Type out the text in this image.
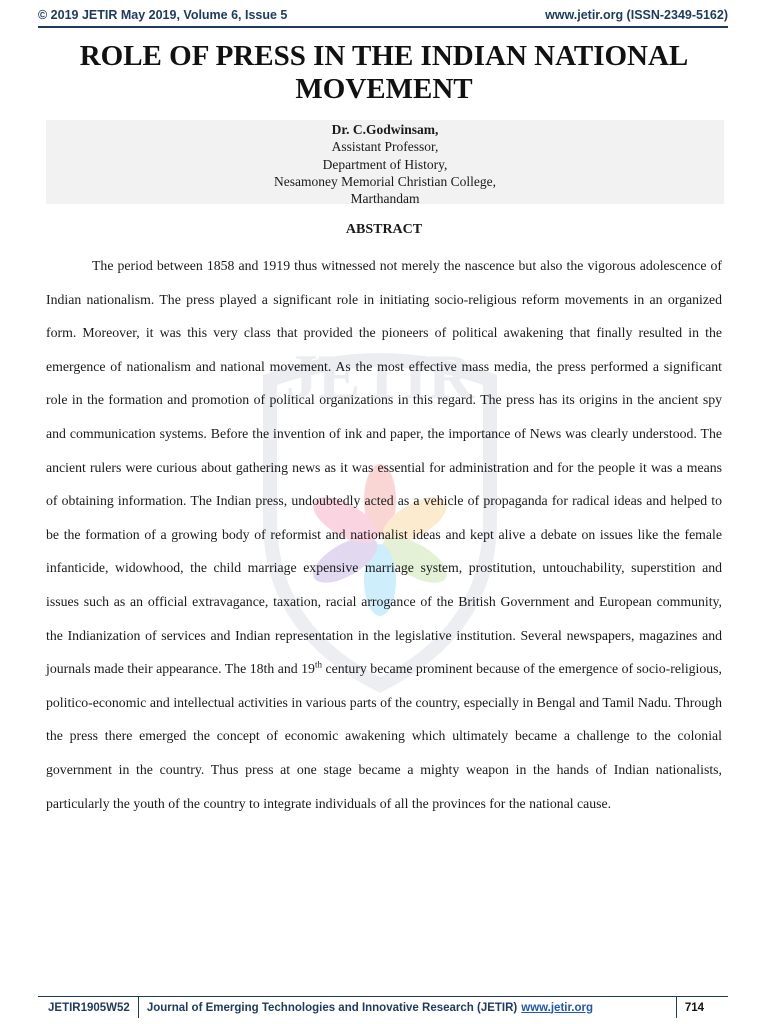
© 2019 JETIR May 2019, Volume 6, Issue 5	www.jetir.org (ISSN-2349-5162)
ROLE OF PRESS IN THE INDIAN NATIONAL
MOVEMENT
Dr. C.Godwinsam,
Assistant Professor,
Department of History,
Nesamoney Memorial Christian College,
Marthandam
ABSTRACT
JETIR

The period between 1858 and 1919 thus witnessed not merely the nascence but also the vigorous adolescence of Indian nationalism. The press played a significant role in initiating socio-religious reform movements in an organized form. Moreover, it was this very class that provided the pioneers of political awakening that finally resulted in the emergence of nationalism and national movement. As the most effective mass media, the press performed a significant role in the formation and promotion of political organizations in this regard. The press has its origins in the ancient spy and communication systems. Before the invention of ink and paper, the importance of News was clearly understood. The ancient rulers were curious about gathering news as it was essential for administration and for the people it was a means of obtaining information. The Indian press, undoubtedly acted as a vehicle of propaganda for radical ideas and helped to be the formation of a growing body of reformist and nationalist ideas and kept alive a debate on issues like the female infanticide, widowhood, the child marriage expensive marriage system, prostitution, untouchability, superstition and issues such as an official extravagance, taxation, racial arrogance of the British Government and European community, the Indianization of services and Indian representation in the legislative institution. Several newspapers, magazines and journals made their appearance. The 18th and 19th century became prominent because of the emergence of socio-religious, politico-economic and intellectual activities in various parts of the country, especially in Bengal and Tamil Nadu. Through the press there emerged the concept of economic awakening which ultimately became a challenge to the colonial government in the country. Thus press at one stage became a mighty weapon in the hands of Indian nationalists, particularly the youth of the country to integrate individuals of all the provinces for the national cause.

JETIR1905W52	Journal of Emerging Technologies and Innovative Research (JETIR) www.jetir.org	714
